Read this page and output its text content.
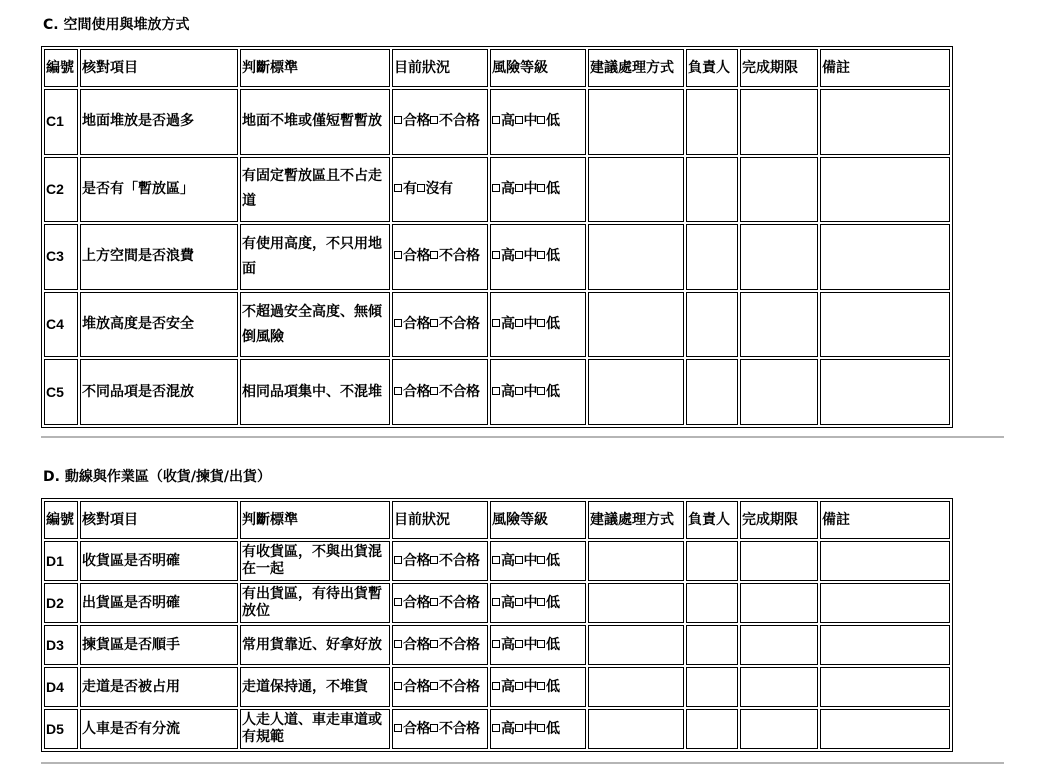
C. 空間使用與堆放方式
編號	核對項目	判斷標準	目前狀況	風險等級	建議處理方式	負責人	完成期限	備註
C1	地面堆放是否過多	地面不堆或僅短暫暫放	合格 不合格	高 中 低				
C2	是否有「暫放區」	有固定暫放區且不占走道	有 沒有	高 中 低				
C3	上方空間是否浪費	有使用高度，不只用地面	合格 不合格	高 中 低				
C4	堆放高度是否安全	不超過安全高度、無傾倒風險	合格 不合格	高 中 低				
C5	不同品項是否混放	相同品項集中、不混堆	合格 不合格	高 中 低				
D. 動線與作業區（收貨/揀貨/出貨）
編號	核對項目	判斷標準	目前狀況	風險等級	建議處理方式	負責人	完成期限	備註
D1	收貨區是否明確	有收貨區，不與出貨混在一起	合格 不合格	高 中 低				
D2	出貨區是否明確	有出貨區，有待出貨暫放位	合格 不合格	高 中 低				
D3	揀貨區是否順手	常用貨靠近、好拿好放	合格 不合格	高 中 低				
D4	走道是否被占用	走道保持通，不堆貨	合格 不合格	高 中 低				
D5	人車是否有分流	人走人道、車走車道或有規範	合格 不合格	高 中 低				
